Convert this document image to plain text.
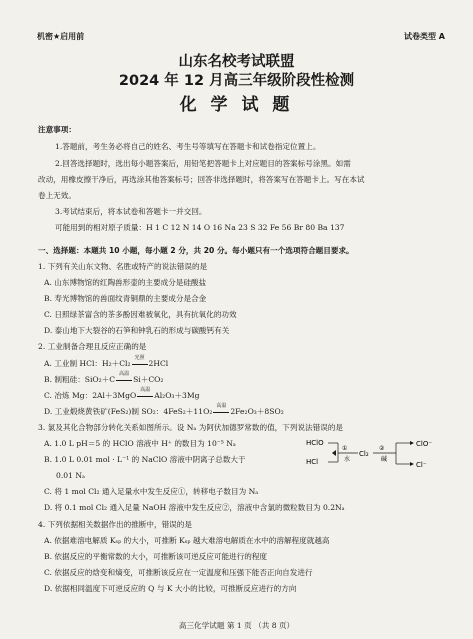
机密★启用前	试卷类型 A
山东名校考试联盟
2024 年 12 月高三年级阶段性检测
化 学 试 题
注意事项：
1.答题前，考生务必将自己的姓名、考生号等填写在答题卡和试卷指定位置上。
2.回答选择题时，选出每小题答案后，用铅笔把答题卡上对应题目的答案标号涂黑。如需
改动，用橡皮擦干净后，再选涂其他答案标号；回答非选择题时，将答案写在答题卡上。写在本试
卷上无效。
3.考试结束后，将本试卷和答题卡一并交回。
可能用到的相对原子质量：H 1 C 12 N 14 O 16 Na 23 S 32 Fe 56 Br 80 Ba 137
一、选择题：本题共 10 小题，每小题 2 分，共 20 分。每小题只有一个选项符合题目要求。
1. 下列有关山东文物、名胜或特产的说法错误的是
A. 山东博物馆的红陶兽形壶的主要成分是硅酸盐
B. 寿光博物馆的兽面纹青铜鼎的主要成分是合金
C. 日照绿茶富含的茶多酚因难被氧化，具有抗氧化的功效
D. 泰山地下大裂谷的石笋和钟乳石的形成与碳酸钙有关
2. 工业制备合理且反应正确的是
A. 工业制 HCl：H₂＋Cl₂
光照
2HCl
B. 制粗硅：SiO₂＋C
高温
Si＋CO₂
C. 冶炼 Mg：2Al＋3MgO
高温
Al₂O₃＋3Mg
D. 工业煅烧黄铁矿(FeS₂)制 SO₂：4FeS₂＋11O₂
高温
2Fe₂O₃＋8SO₂
3. 氯及其化合物部分转化关系如图所示。设 Nₐ 为阿伏加德罗常数的值，下列说法错误的是
A. 1.0 L pH＝5 的 HClO 溶液中 H⁺ 的数目为 10⁻⁵ Nₐ
B. 1.0 L 0.01 mol · L⁻¹ 的 NaClO 溶液中阴离子总数大于
0.01 Nₐ
C. 将 1 mol Cl₂ 通入足量水中发生反应①，转移电子数目为 Nₐ
D. 将 0.1 mol Cl₂ 通入足量 NaOH 溶液中发生反应②，溶液中含氯的微粒数目为 0.2Nₐ
HClO
HCl
①
水
Cl₂
②
碱
ClO⁻
Cl⁻
4. 下列依据相关数据作出的推断中，错误的是
A. 依据难溶电解质 Kₛₚ 的大小，可推断 Kₛₚ 越大难溶电解质在水中的溶解程度就越高
B. 依据反应的平衡常数的大小，可推断该可逆反应可能进行的程度
C. 依据反应的焓变和熵变，可推断该反应在一定温度和压强下能否正向自发进行
D. 依据相同温度下可逆反应的 Q 与 K 大小的比较，可推断反应进行的方向
高三化学试题 第 1 页 （共 8 页）
